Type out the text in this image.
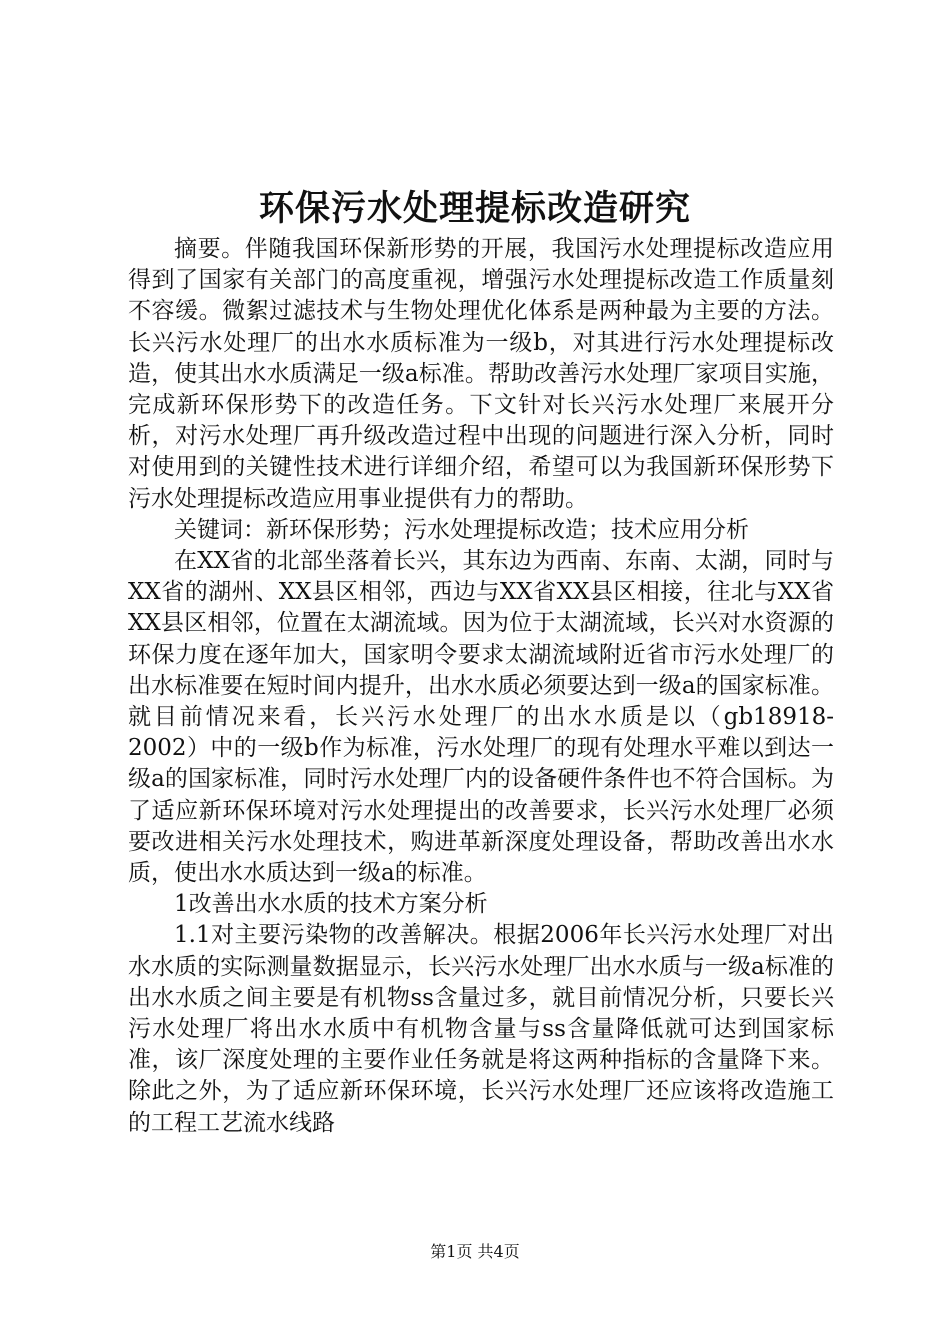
环保污水处理提标改造研究

摘要。伴随我国环保新形势的开展，我国污水处理提标改造应用得到了国家有关部门的高度重视，增强污水处理提标改造工作质量刻不容缓。微絮过滤技术与生物处理优化体系是两种最为主要的方法。长兴污水处理厂的出水水质标准为一级b，对其进行污水处理提标改造，使其出水水质满足一级a标准。帮助改善污水处理厂家项目实施，完成新环保形势下的改造任务。下文针对长兴污水处理厂来展开分析，对污水处理厂再升级改造过程中出现的问题进行深入分析，同时对使用到的关键性技术进行详细介绍，希望可以为我国新环保形势下污水处理提标改造应用事业提供有力的帮助。

关键词：新环保形势；污水处理提标改造；技术应用分析

在XX省的北部坐落着长兴，其东边为西南、东南、太湖，同时与XX省的湖州、XX县区相邻，西边与XX省XX县区相接，往北与XX省XX县区相邻，位置在太湖流域。因为位于太湖流域，长兴对水资源的环保力度在逐年加大，国家明令要求太湖流域附近省市污水处理厂的出水标准要在短时间内提升，出水水质必须要达到一级a的国家标准。就目前情况来看，长兴污水处理厂的出水水质是以（gb18918-2002）中的一级b作为标准，污水处理厂的现有处理水平难以到达一级a的国家标准，同时污水处理厂内的设备硬件条件也不符合国标。为了适应新环保环境对污水处理提出的改善要求，长兴污水处理厂必须要改进相关污水处理技术，购进革新深度处理设备，帮助改善出水水质，使出水水质达到一级a的标准。

1改善出水水质的技术方案分析

1.1对主要污染物的改善解决。根据2006年长兴污水处理厂对出水水质的实际测量数据显示，长兴污水处理厂出水水质与一级a标准的出水水质之间主要是有机物ss含量过多，就目前情况分析，只要长兴污水处理厂将出水水质中有机物含量与ss含量降低就可达到国家标准，该厂深度处理的主要作业任务就是将这两种指标的含量降下来。除此之外，为了适应新环保环境，长兴污水处理厂还应该将改造施工的工程工艺流水线路

第1页 共4页
